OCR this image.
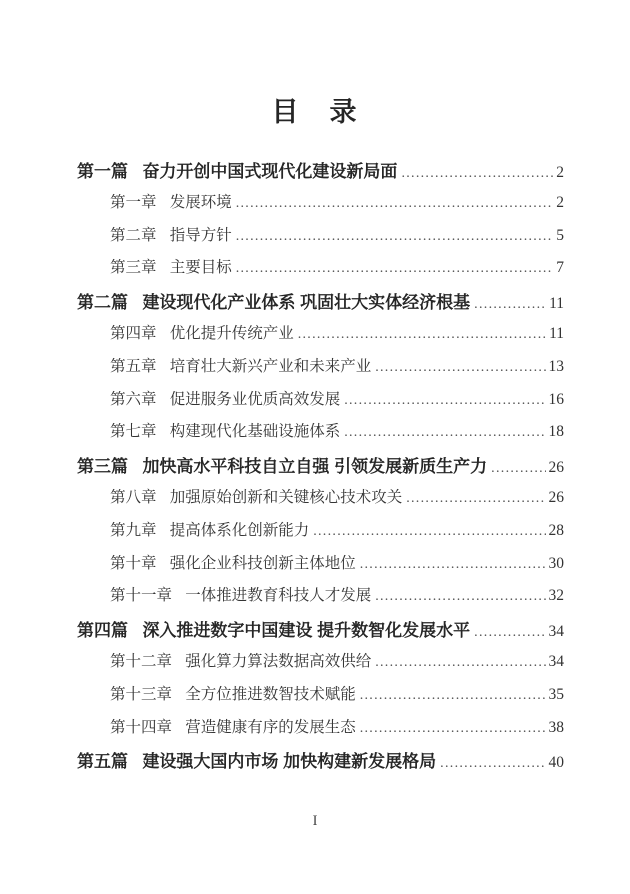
目　录
第一篇 奋力开创中国式现代化建设新局面 .....	2
第一章 发展环境 .....	2
第二章 指导方针 .....	5
第三章 主要目标 .....	7
第二篇 建设现代化产业体系 巩固壮大实体经济根基 .....	11
第四章 优化提升传统产业 .....	11
第五章 培育壮大新兴产业和未来产业 .....	13
第六章 促进服务业优质高效发展 .....	16
第七章 构建现代化基础设施体系 .....	18
第三篇 加快高水平科技自立自强 引领发展新质生产力 .....	26
第八章 加强原始创新和关键核心技术攻关 .....	26
第九章 提高体系化创新能力 .....	28
第十章 强化企业科技创新主体地位 .....	30
第十一章 一体推进教育科技人才发展 .....	32
第四篇 深入推进数字中国建设 提升数智化发展水平 .....	34
第十二章 强化算力算法数据高效供给 .....	34
第十三章 全方位推进数智技术赋能 .....	35
第十四章 营造健康有序的发展生态 .....	38
第五篇 建设强大国内市场 加快构建新发展格局 .....	40
I
